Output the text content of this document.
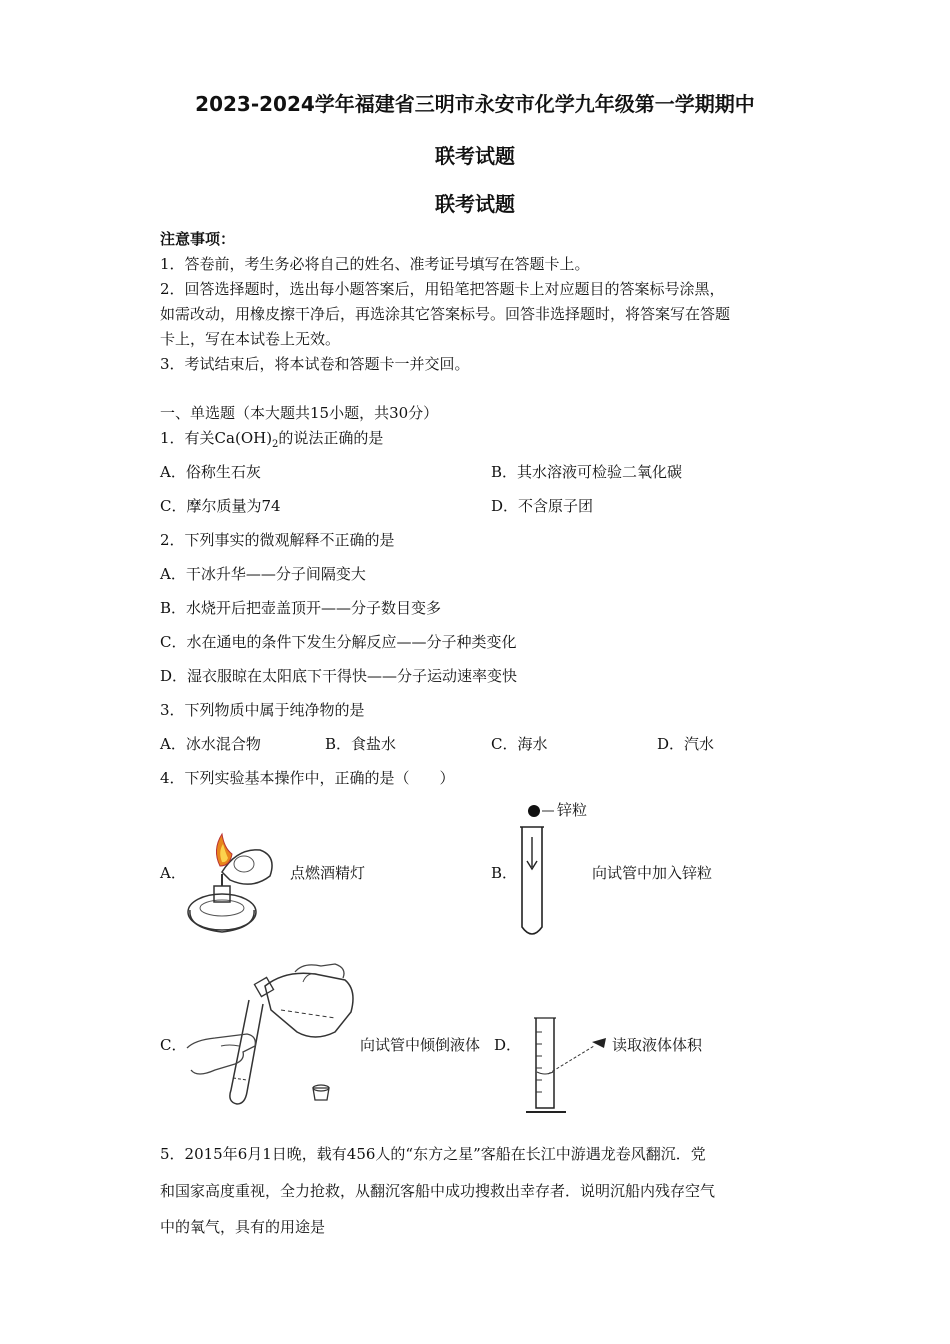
2023-2024学年福建省三明市永安市化学九年级第一学期期中
联考试题
联考试题
注意事项：
1．答卷前，考生务必将自己的姓名、准考证号填写在答题卡上。
2．回答选择题时，选出每小题答案后，用铅笔把答题卡上对应题目的答案标号涂黑，
如需改动，用橡皮擦干净后，再选涂其它答案标号。回答非选择题时，将答案写在答题
卡上，写在本试卷上无效。
3．考试结束后，将本试卷和答题卡一并交回。
一、单选题（本大题共15小题，共30分）
1．有关$Ca(OH)_2$的说法正确的是
A．俗称生石灰	B．其水溶液可检验二氧化碳
C．摩尔质量为74	D．不含原子团
2．下列事实的微观解释不正确的是
A．干冰升华——分子间隔变大
B．水烧开后把壶盖顶开——分子数目变多
C．水在通电的条件下发生分解反应——分子种类变化
D．湿衣服晾在太阳底下干得快——分子运动速率变快
3．下列物质中属于纯净物的是
A．冰水混合物	B．食盐水	C．海水	D．汽水
4．下列实验基本操作中，正确的是（　　）
A．	点燃酒精灯	B．
锌粒
向试管中加入锌粒
C．	向试管中倾倒液体 D．	读取液体体积
5．2015年6月1日晚，载有456人的“东方之星”客船在长江中游遇龙卷风翻沉．党
和国家高度重视，全力抢救，从翻沉客船中成功搜救出幸存者．说明沉船内残存空气
中的氧气，具有的用途是
